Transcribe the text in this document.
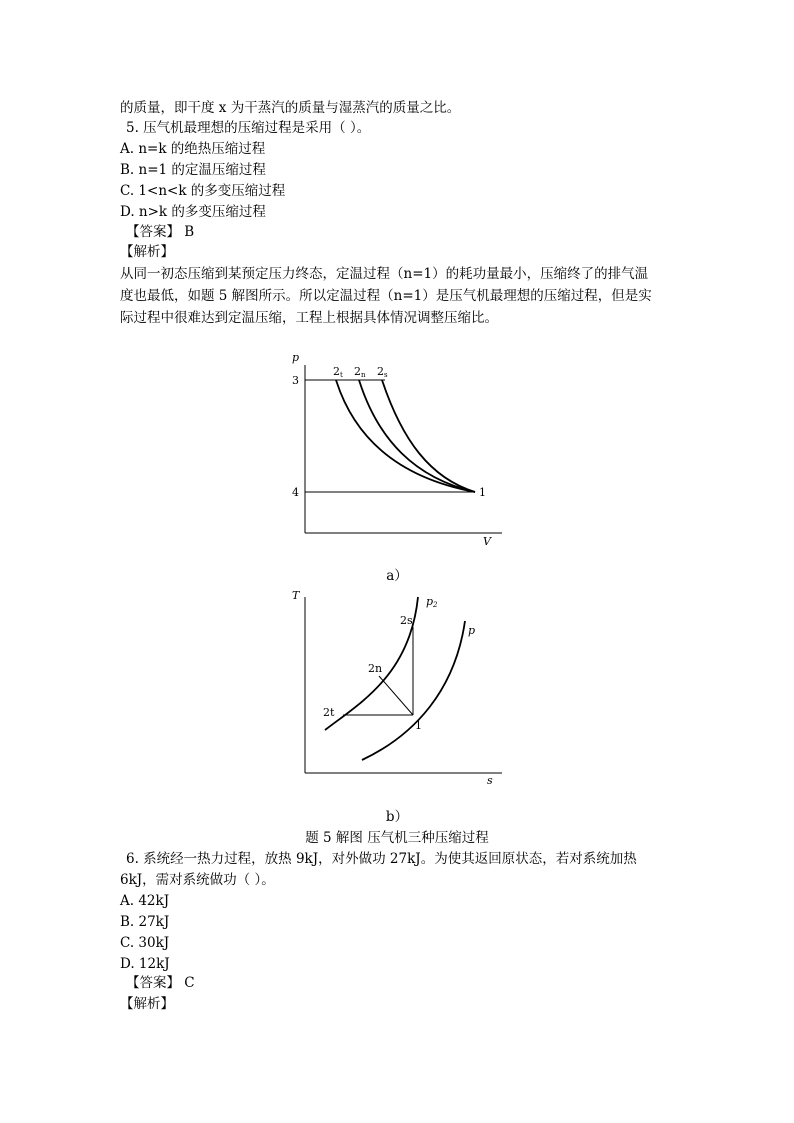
的质量，即干度 x 为干蒸汽的质量与湿蒸汽的质量之比。
5. 压气机最理想的压缩过程是采用（ ）。
A. n=k 的绝热压缩过程
B. n=1 的定温压缩过程
C. 1<n<k 的多变压缩过程
D. n>k 的多变压缩过程
【答案】 B
【解析】
从同一初态压缩到某预定压力终态，定温过程（n=1）的耗功量最小，压缩终了的排气温
度也最低，如题 5 解图所示。所以定温过程（n=1）是压气机最理想的压缩过程，但是实
际过程中很难达到定温压缩，工程上根据具体情况调整压缩比。
p
V
3
4	1
2t 2n 2s
a）
T
s
p2
p
2s
2n
2t
1
b）
题 5 解图 压气机三种压缩过程
6. 系统经一热力过程，放热 9kJ，对外做功 27kJ。为使其返回原状态，若对系统加热
6kJ，需对系统做功（ ）。
A. 42kJ
B. 27kJ
C. 30kJ
D. 12kJ
【答案】 C
【解析】
